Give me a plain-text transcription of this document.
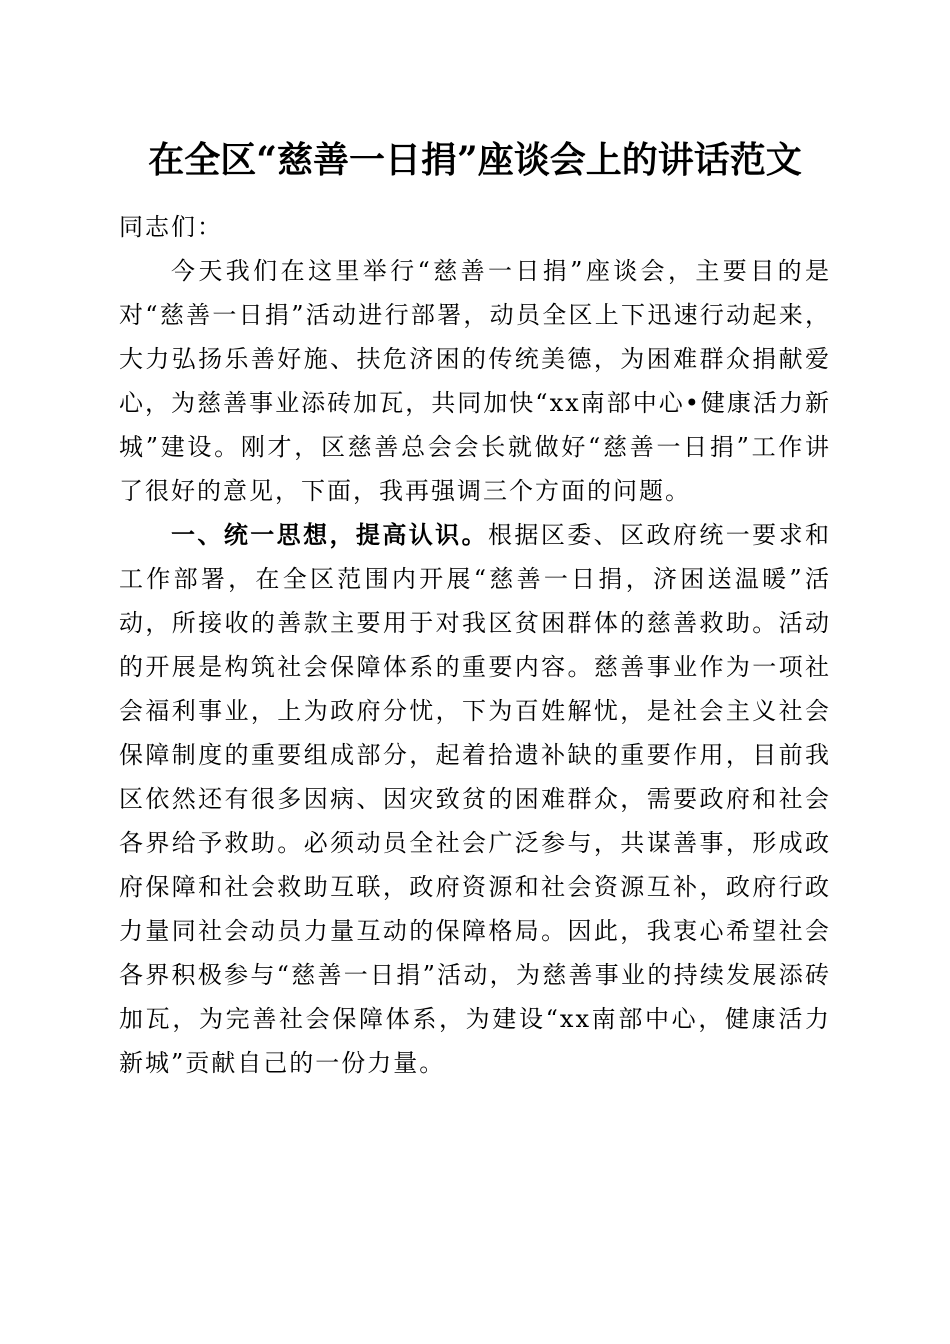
在全区“慈善一日捐”座谈会上的讲话范文

同志们：

今天我们在这里举行“慈善一日捐”座谈会，主要目的是对“慈善一日捐”活动进行部署，动员全区上下迅速行动起来，大力弘扬乐善好施、扶危济困的传统美德，为困难群众捐献爱心，为慈善事业添砖加瓦，共同加快“xx南部中心•健康活力新城”建设。刚才，区慈善总会会长就做好“慈善一日捐”工作讲了很好的意见，下面，我再强调三个方面的问题。

一、统一思想，提高认识。根据区委、区政府统一要求和工作部署，在全区范围内开展“慈善一日捐，济困送温暖”活动，所接收的善款主要用于对我区贫困群体的慈善救助。活动的开展是构筑社会保障体系的重要内容。慈善事业作为一项社会福利事业，上为政府分忧，下为百姓解忧，是社会主义社会保障制度的重要组成部分，起着拾遗补缺的重要作用，目前我区依然还有很多因病、因灾致贫的困难群众，需要政府和社会各界给予救助。必须动员全社会广泛参与，共谋善事，形成政府保障和社会救助互联，政府资源和社会资源互补，政府行政力量同社会动员力量互动的保障格局。因此，我衷心希望社会各界积极参与“慈善一日捐”活动，为慈善事业的持续发展添砖加瓦，为完善社会保障体系，为建设“xx南部中心，健康活力新城”贡献自己的一份力量。
